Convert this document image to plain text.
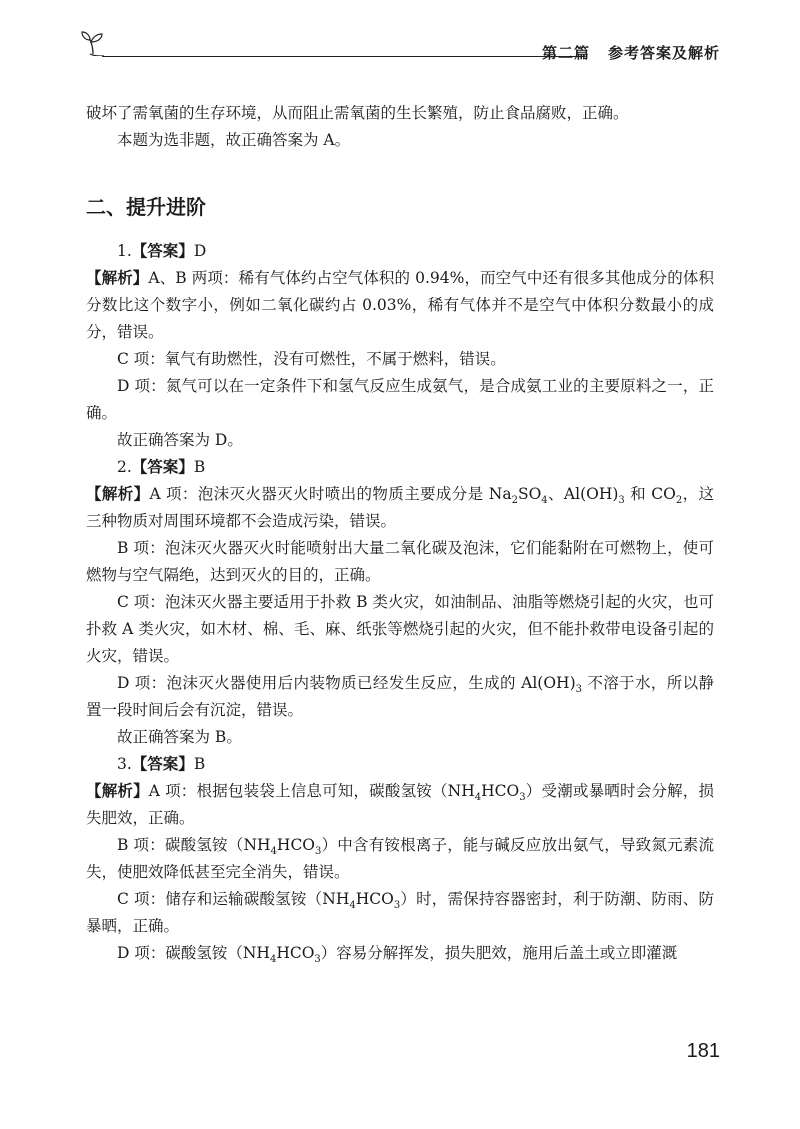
第二篇 参考答案及解析

破坏了需氧菌的生存环境，从而阻止需氧菌的生长繁殖，防止食品腐败，正确。

本题为选非题，故正确答案为 A。

二、提升进阶

1.【答案】D

【解析】A、B 两项：稀有气体约占空气体积的 0.94%，而空气中还有很多其他成分的体积分数比这个数字小，例如二氧化碳约占 0.03%，稀有气体并不是空气中体积分数最小的成分，错误。

C 项：氧气有助燃性，没有可燃性，不属于燃料，错误。

D 项：氮气可以在一定条件下和氢气反应生成氨气，是合成氨工业的主要原料之一，正确。

故正确答案为 D。

2.【答案】B

【解析】A 项：泡沫灭火器灭火时喷出的物质主要成分是 $Na_2SO_4$、$Al(OH)_3$ 和 $CO_2$，这三种物质对周围环境都不会造成污染，错误。

B 项：泡沫灭火器灭火时能喷射出大量二氧化碳及泡沫，它们能黏附在可燃物上，使可燃物与空气隔绝，达到灭火的目的，正确。

C 项：泡沫灭火器主要适用于扑救 B 类火灾，如油制品、油脂等燃烧引起的火灾，也可扑救 A 类火灾，如木材、棉、毛、麻、纸张等燃烧引起的火灾，但不能扑救带电设备引起的火灾，错误。

D 项：泡沫灭火器使用后内装物质已经发生反应，生成的 $Al(OH)_3$ 不溶于水，所以静置一段时间后会有沉淀，错误。

故正确答案为 B。

3.【答案】B

【解析】A 项：根据包装袋上信息可知，碳酸氢铵$(NH_4HCO_3)$受潮或暴晒时会分解，损失肥效，正确。

B 项：碳酸氢铵$(NH_4HCO_3)$中含有铵根离子，能与碱反应放出氨气，导致氮元素流失，使肥效降低甚至完全消失，错误。

C 项：储存和运输碳酸氢铵$(NH_4HCO_3)$时，需保持容器密封，利于防潮、防雨、防暴晒，正确。

D 项：碳酸氢铵$(NH_4HCO_3)$容易分解挥发，损失肥效，施用后盖土或立即灌溉

181
